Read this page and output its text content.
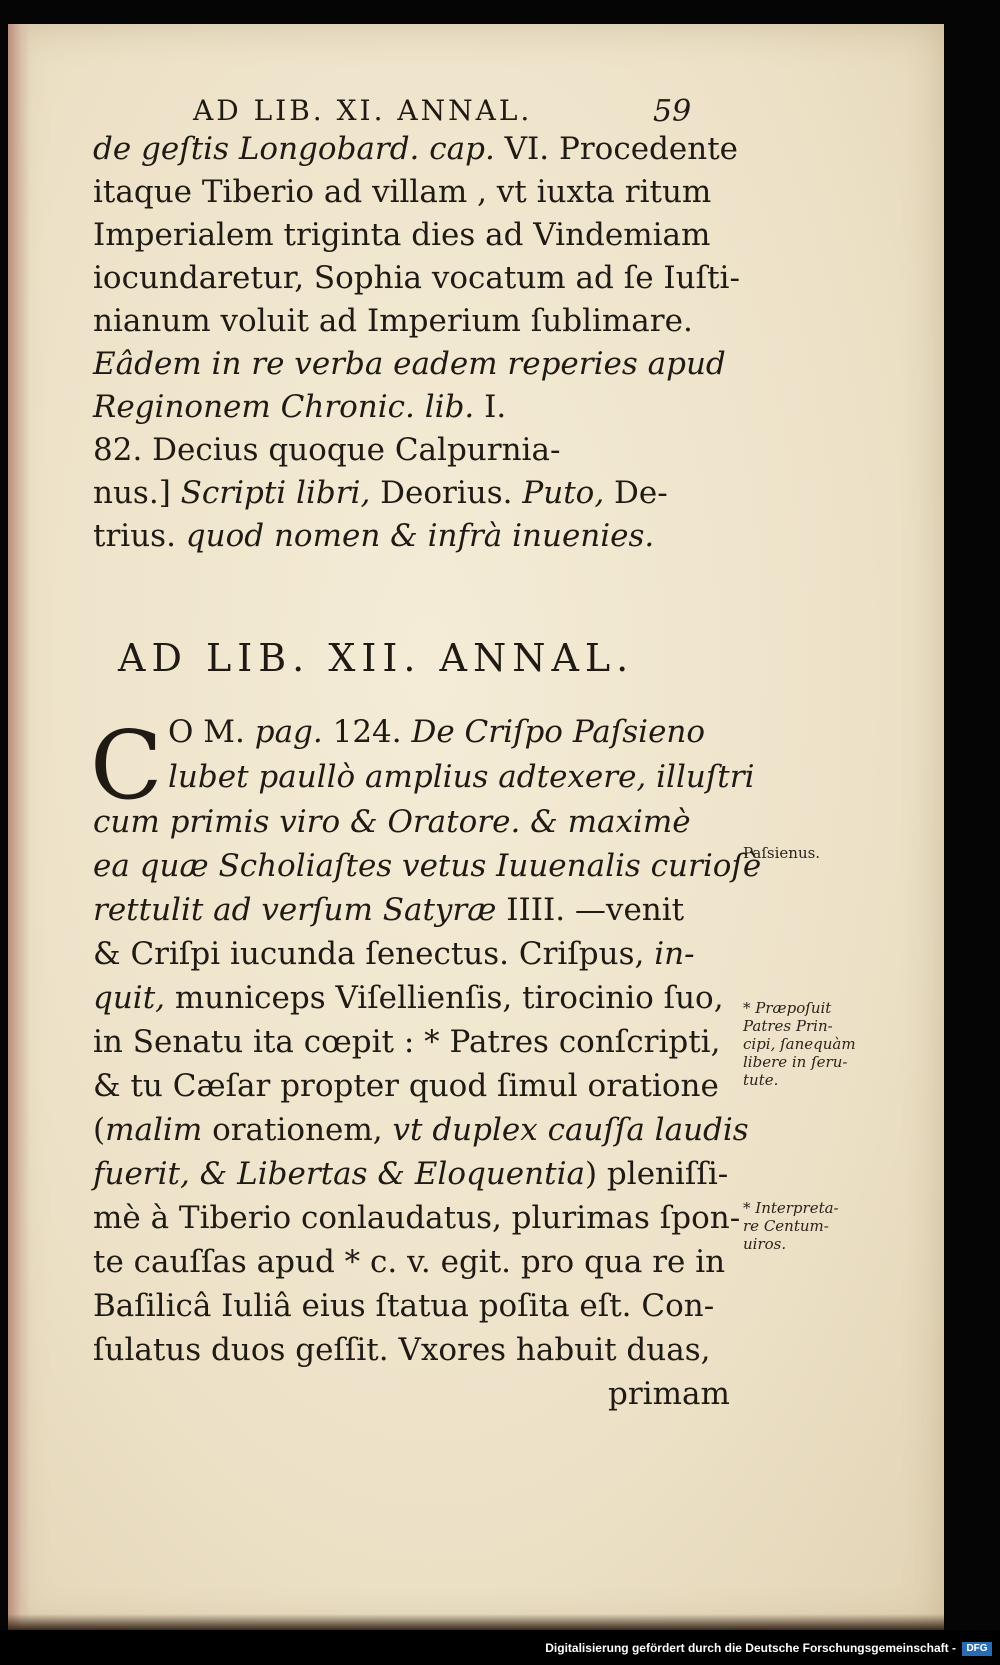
AD LIB. XI. ANNAL.	59
de geſtis Longobard. cap. VI. Procedente
itaque Tiberio ad villam , vt iuxta ritum
Imperialem triginta dies ad Vindemiam
iocundaretur, Sophia vocatum ad ſe Iuſti-
nianum voluit ad Imperium ſublimare.
Eâdem in re verba eadem reperies apud
Reginonem Chronic. lib. I.
82. Decius quoque Calpurnia-
nus.] Scripti libri, Deorius. Puto, De-
trius. quod nomen & infrà inuenies.
AD LIB. XII. ANNAL.
C O M. pag. 124. De Criſpo Paſsieno
lubet paullò amplius adtexere, illuſtri
cum primis viro & Oratore. & maximè
ea quæ Scholiaſtes vetus Iuuenalis curioſè
rettulit ad verſum Satyræ IIII. —venit
& Criſpi iucunda ſenectus. Criſpus, in-
quit, municeps Viſellienſis, tirocinio ſuo,
in Senatu ita cœpit : * Patres conſcripti,
& tu Cæſar propter quod ſimul oratione
(malim orationem, vt duplex cauſſa laudis
fuerit, & Libertas & Eloquentia) pleniſſi-
mè à Tiberio conlaudatus, plurimas ſpon-
te cauſſas apud * c. v. egit. pro qua re in
Baſilicâ Iuliâ eius ſtatua poſita eſt. Con-
ſulatus duos geſſit. Vxores habuit duas,
primam
Paſsienus.
* Præpoſuit
Patres Prin-
cipi, ſanequàm
libere in ſeru-
tute.
* Interpreta-
re Centum-
uiros.
Digitalisierung gefördert durch die Deutsche Forschungsgemeinschaft -	DFG
